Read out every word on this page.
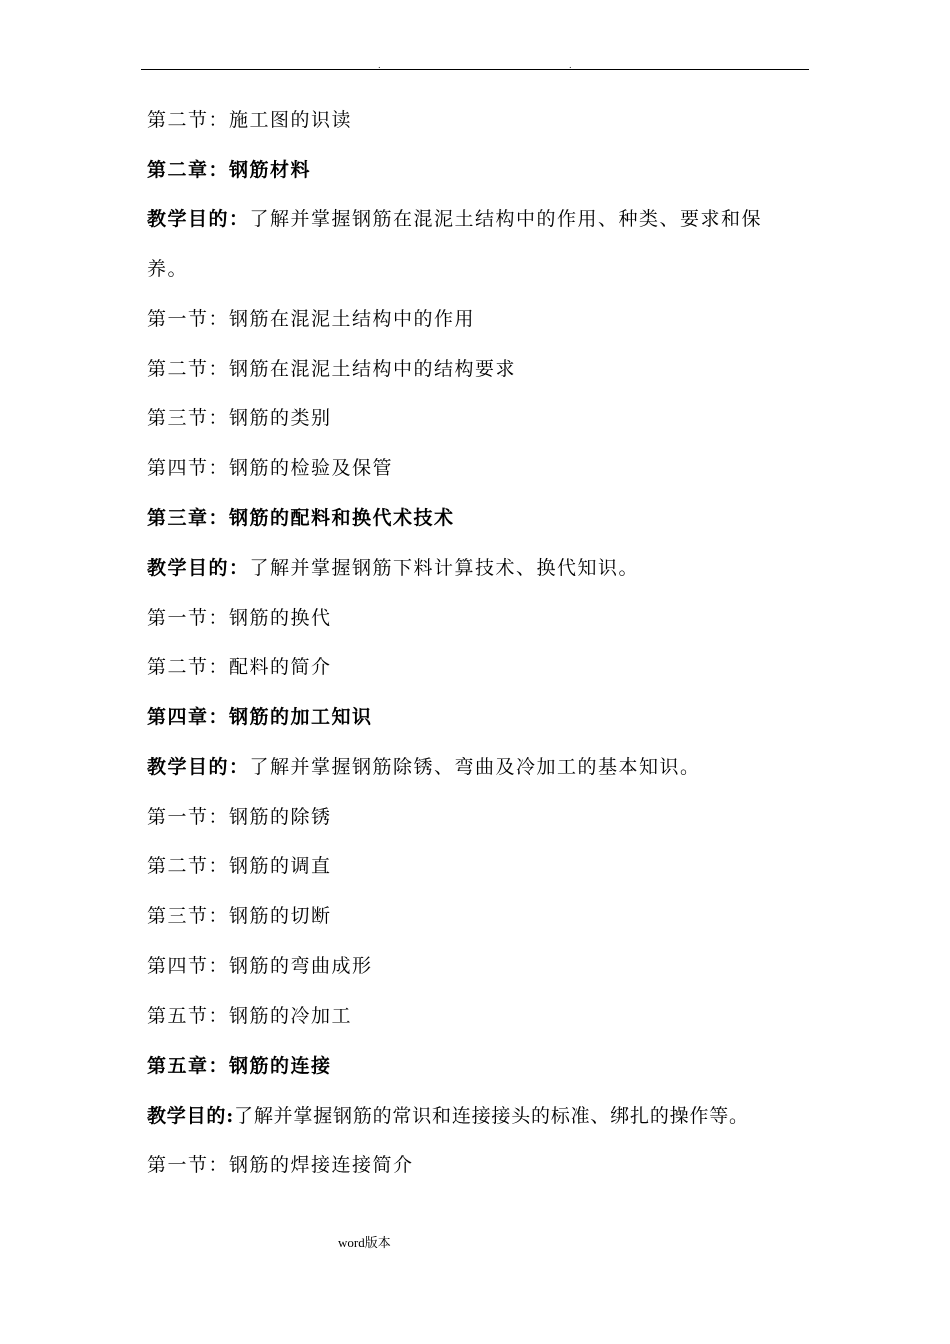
.	.
第二节：施工图的识读
第二章：钢筋材料
教学目的：了解并掌握钢筋在混泥土结构中的作用、种类、要求和保
养。
第一节：钢筋在混泥土结构中的作用
第二节：钢筋在混泥土结构中的结构要求
第三节：钢筋的类别
第四节：钢筋的检验及保管
第三章：钢筋的配料和换代术技术
教学目的：了解并掌握钢筋下料计算技术、换代知识。
第一节：钢筋的换代
第二节：配料的简介
第四章：钢筋的加工知识
教学目的：了解并掌握钢筋除锈、弯曲及冷加工的基本知识。
第一节：钢筋的除锈
第二节：钢筋的调直
第三节：钢筋的切断
第四节：钢筋的弯曲成形
第五节：钢筋的冷加工
第五章：钢筋的连接
教学目的:了解并掌握钢筋的常识和连接接头的标准、绑扎的操作等。
第一节：钢筋的焊接连接简介
word版本
